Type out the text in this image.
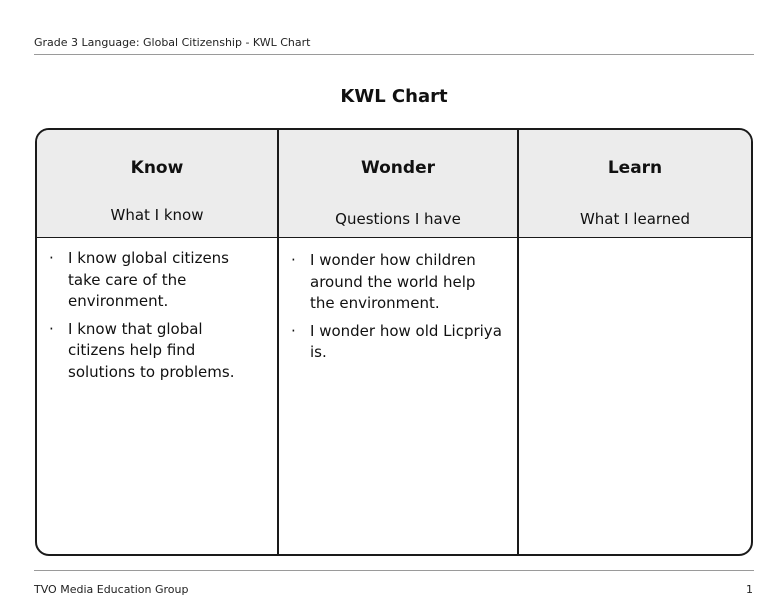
Grade 3 Language: Global Citizenship - KWL Chart
KWL Chart
Know
What I know
· I know global citizens take care of the environment.
· I know that global citizens help find solutions to problems.
Wonder
Questions I have
· I wonder how children around the world help the environment.
· I wonder how old Licpriya is.
Learn
What I learned
TVO Media Education Group	1
